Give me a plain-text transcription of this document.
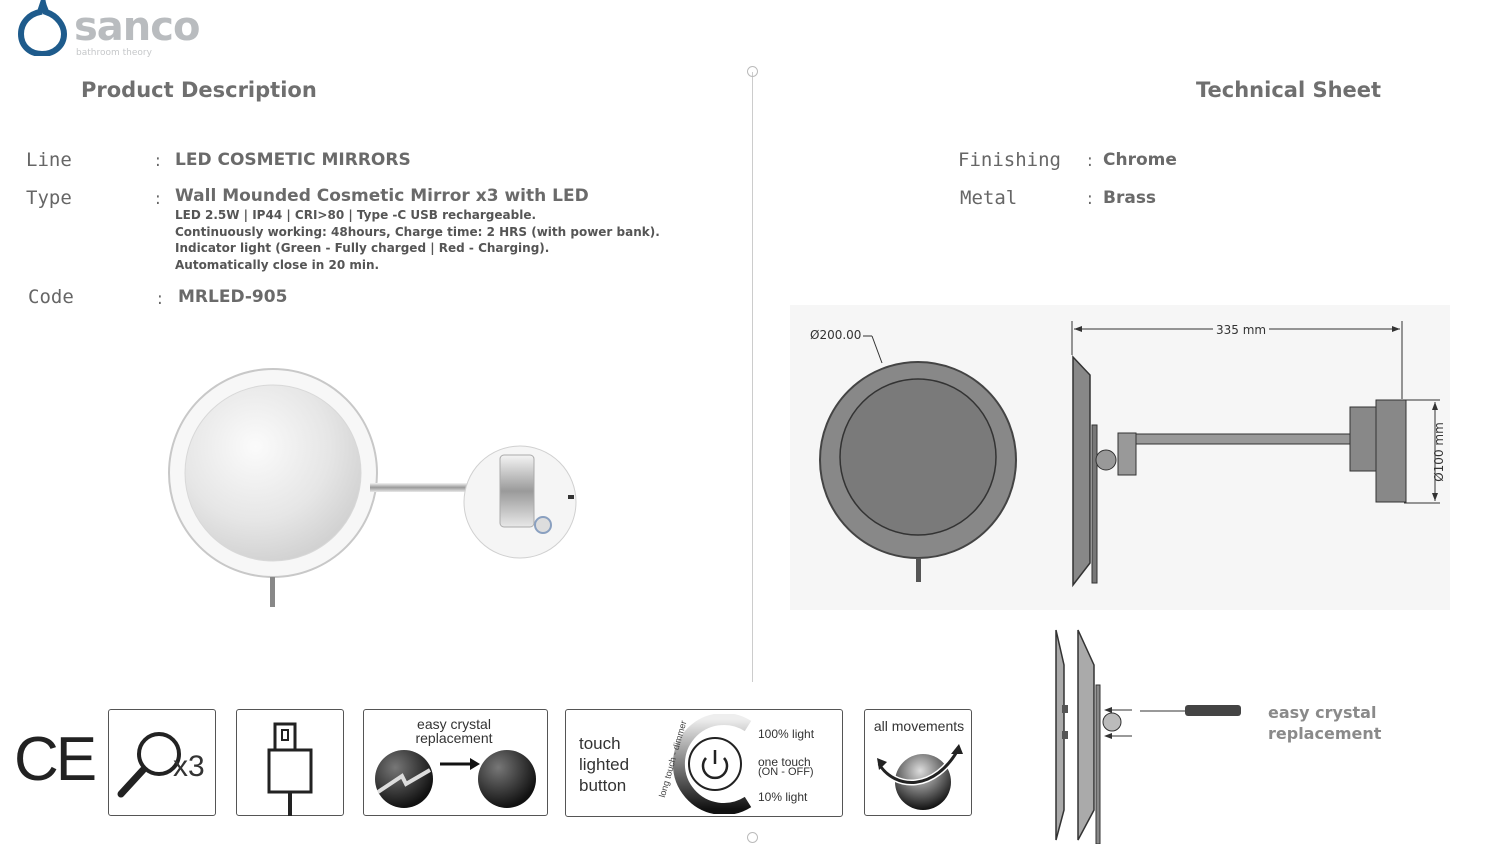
sanco
bathroom theory
Product Description	Technical Sheet
Line	: LED COSMETIC MIRRORS
Type	: Wall Mounded Cosmetic Mirror x3 with LED
LED 2.5W | IP44 | CRI>80 | Type -C USB rechargeable.
Continuously working: 48hours, Charge time: 2 HRS (with power bank).
Indicator light (Green - Fully charged | Red - Charging).
Automatically close in 20 min.
Code	: MRLED-905
Finishing : Chrome
Metal	: Brass
Ø200.00	335 mm
Ø100 mm
easy crystal
replacement
CE	x3
easy crystal replacement	touch lighted button	long touch - dimmer	100% light
one touch
(ON - OFF)
10% light
all movements
